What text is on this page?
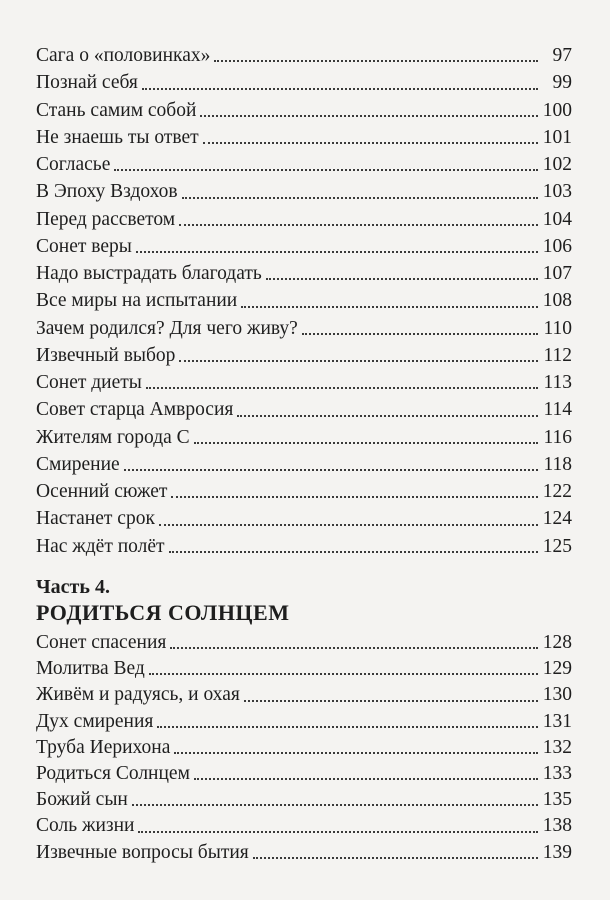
Сага о «половинках»	97
Познай себя	99
Стань самим собой	100
Не знаешь ты ответ	101
Согласье	102
В Эпоху Вздохов	103
Перед рассветом	104
Сонет веры	106
Надо выстрадать благодать	107
Все миры на испытании	108
Зачем родился? Для чего живу?	110
Извечный выбор	112
Сонет диеты	113
Совет старца Амвросия	114
Жителям города С	116
Смирение	118
Осенний сюжет	122
Настанет срок	124
Нас ждёт полёт	125
Часть 4.
РОДИТЬСЯ СОЛНЦЕМ
Сонет спасения	128
Молитва Вед	129
Живём и радуясь, и охая	130
Дух смирения	131
Труба Иерихона	132
Родиться Солнцем	133
Божий сын	135
Соль жизни	138
Извечные вопросы бытия	139
